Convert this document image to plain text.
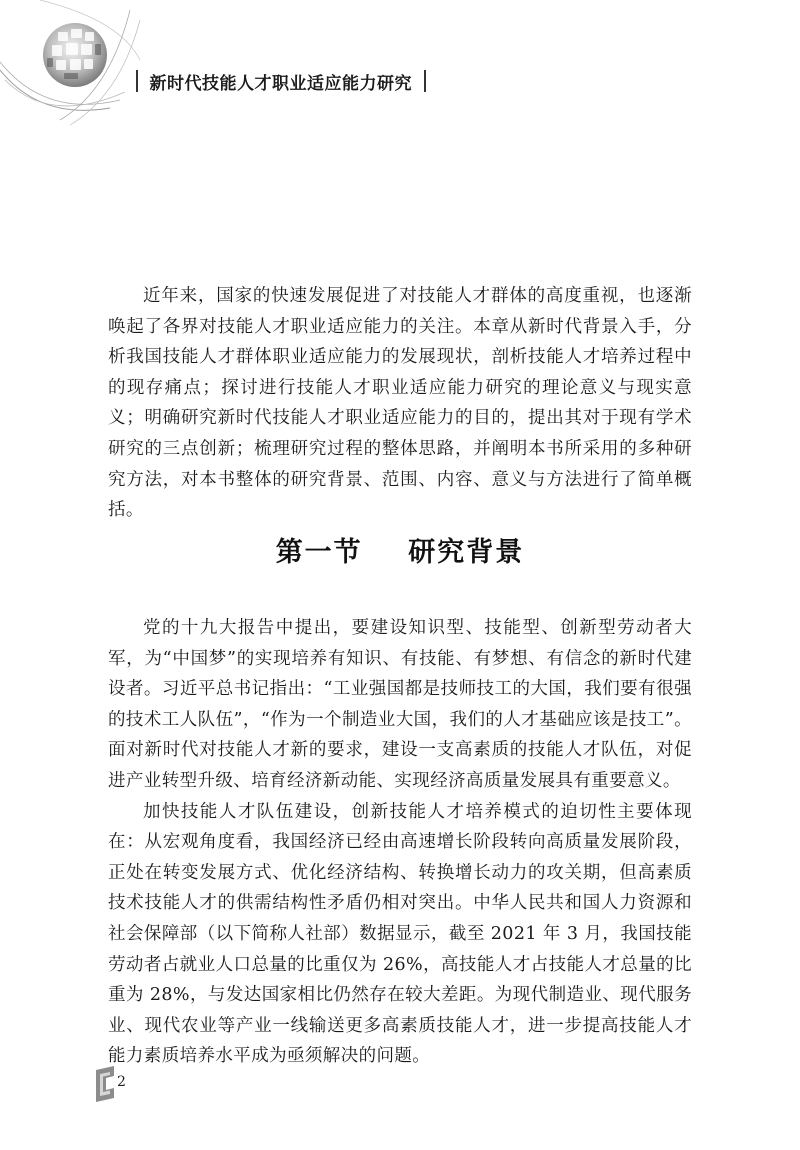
新时代技能人才职业适应能力研究

近年来，国家的快速发展促进了对技能人才群体的高度重视，也逐渐唤起了各界对技能人才职业适应能力的关注。本章从新时代背景入手，分析我国技能人才群体职业适应能力的发展现状，剖析技能人才培养过程中的现存痛点；探讨进行技能人才职业适应能力研究的理论意义与现实意义；明确研究新时代技能人才职业适应能力的目的，提出其对于现有学术研究的三点创新；梳理研究过程的整体思路，并阐明本书所采用的多种研究方法，对本书整体的研究背景、范围、内容、意义与方法进行了简单概括。

第一节    研究背景

党的十九大报告中提出，要建设知识型、技能型、创新型劳动者大军，为“中国梦”的实现培养有知识、有技能、有梦想、有信念的新时代建设者。习近平总书记指出：“工业强国都是技师技工的大国，我们要有很强的技术工人队伍”，“作为一个制造业大国，我们的人才基础应该是技工”。面对新时代对技能人才新的要求，建设一支高素质的技能人才队伍，对促进产业转型升级、培育经济新动能、实现经济高质量发展具有重要意义。

加快技能人才队伍建设，创新技能人才培养模式的迫切性主要体现在：从宏观角度看，我国经济已经由高速增长阶段转向高质量发展阶段，正处在转变发展方式、优化经济结构、转换增长动力的攻关期，但高素质技术技能人才的供需结构性矛盾仍相对突出。中华人民共和国人力资源和社会保障部（以下简称人社部）数据显示，截至 2021 年 3 月，我国技能劳动者占就业人口总量的比重仅为 26%，高技能人才占技能人才总量的比重为 28%，与发达国家相比仍然存在较大差距。为现代制造业、现代服务业、现代农业等产业一线输送更多高素质技能人才，进一步提高技能人才能力素质培养水平成为亟须解决的问题。

2
